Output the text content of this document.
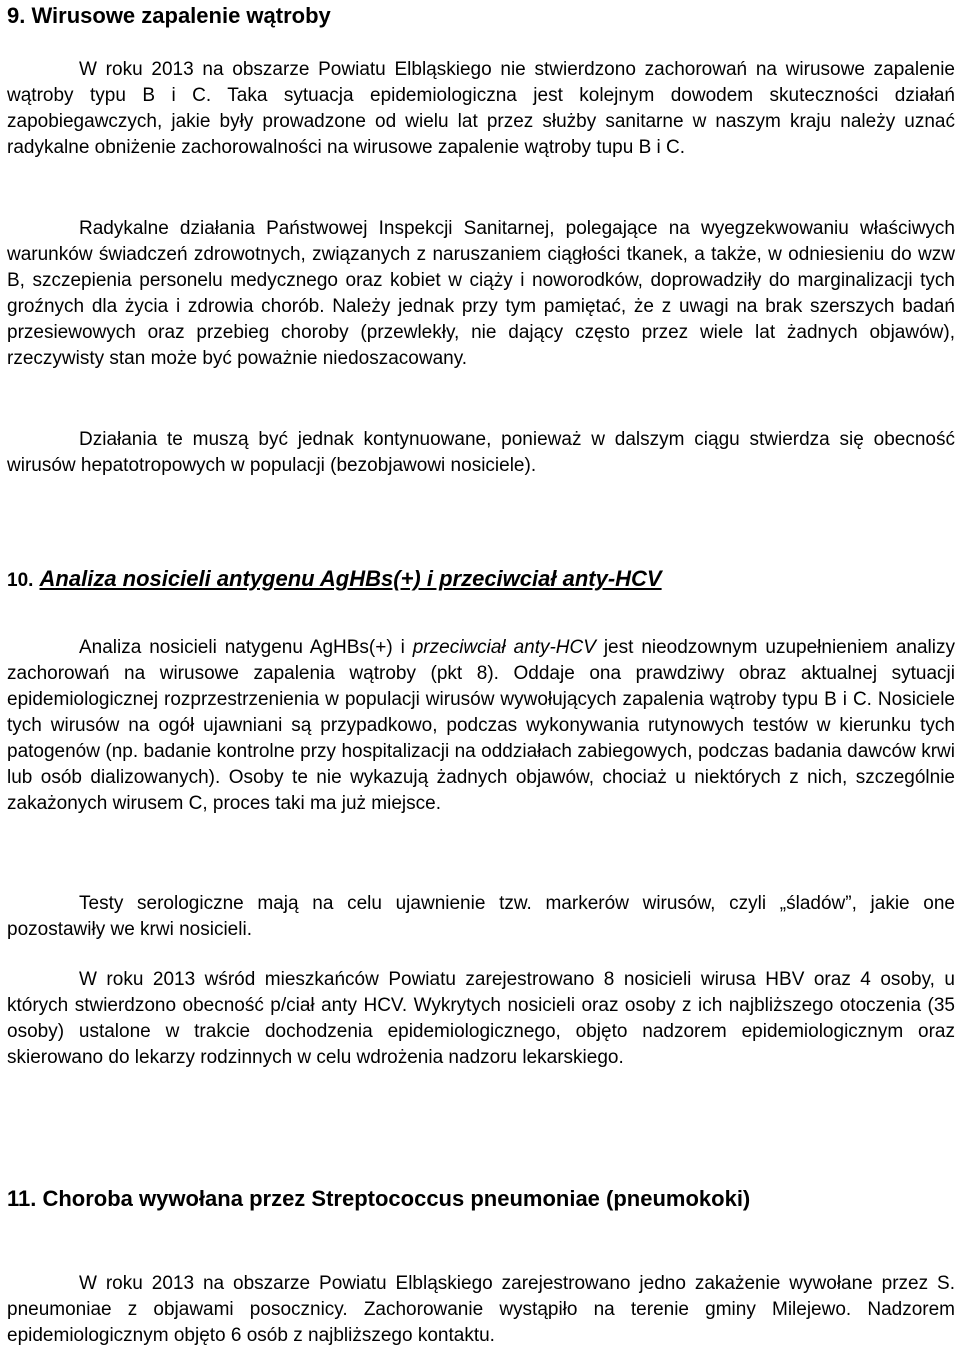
9. Wirusowe zapalenie wątroby

W roku 2013 na obszarze Powiatu Elbląskiego nie stwierdzono zachorowań na wirusowe zapalenie wątroby typu B i C. Taka sytuacja epidemiologiczna jest kolejnym dowodem skuteczności działań zapobiegawczych, jakie były prowadzone od wielu lat przez służby sanitarne w naszym kraju należy uznać radykalne obniżenie zachorowalności na wirusowe zapalenie wątroby tupu B i C.

Radykalne działania Państwowej Inspekcji Sanitarnej, polegające na wyegzekwowaniu właściwych warunków świadczeń zdrowotnych, związanych z naruszaniem ciągłości tkanek, a także, w odniesieniu do wzw B, szczepienia personelu medycznego oraz kobiet w ciąży i noworodków, doprowadziły do marginalizacji tych groźnych dla życia i zdrowia chorób. Należy jednak przy tym pamiętać, że z uwagi na brak szerszych badań przesiewowych oraz przebieg choroby (przewlekły, nie dający często przez wiele lat żadnych objawów), rzeczywisty stan może być poważnie niedoszacowany.

Działania te muszą być jednak kontynuowane, ponieważ w dalszym ciągu stwierdza się obecność wirusów hepatotropowych w populacji (bezobjawowi nosiciele).

10. Analiza nosicieli antygenu AgHBs(+) i przeciwciał anty-HCV

Analiza nosicieli natygenu AgHBs(+) i przeciwciał anty-HCV jest nieodzownym uzupełnieniem analizy zachorowań na wirusowe zapalenia wątroby (pkt 8). Oddaje ona prawdziwy obraz aktualnej sytuacji epidemiologicznej rozprzestrzenienia w populacji wirusów wywołujących zapalenia wątroby typu B i C. Nosiciele tych wirusów na ogół ujawniani są przypadkowo, podczas wykonywania rutynowych testów w kierunku tych patogenów (np. badanie kontrolne przy hospitalizacji na oddziałach zabiegowych, podczas badania dawców krwi lub osób dializowanych). Osoby te nie wykazują żadnych objawów, chociaż u niektórych z nich, szczególnie zakażonych wirusem C, proces taki ma już miejsce.

Testy serologiczne mają na celu ujawnienie tzw. markerów wirusów, czyli „śladów”, jakie one pozostawiły we krwi nosicieli.

W roku 2013 wśród mieszkańców Powiatu zarejestrowano 8 nosicieli wirusa HBV oraz 4 osoby, u których stwierdzono obecność p/ciał anty HCV. Wykrytych nosicieli oraz osoby z ich najbliższego otoczenia (35 osoby) ustalone w trakcie dochodzenia epidemiologicznego, objęto nadzorem epidemiologicznym oraz skierowano do lekarzy rodzinnych w celu wdrożenia nadzoru lekarskiego.

11. Choroba wywołana przez Streptococcus pneumoniae (pneumokoki)

W roku 2013 na obszarze Powiatu Elbląskiego zarejestrowano jedno zakażenie wywołane przez S. pneumoniae z objawami posocznicy. Zachorowanie wystąpiło na terenie gminy Milejewo. Nadzorem epidemiologicznym objęto 6 osób z najbliższego kontaktu.
